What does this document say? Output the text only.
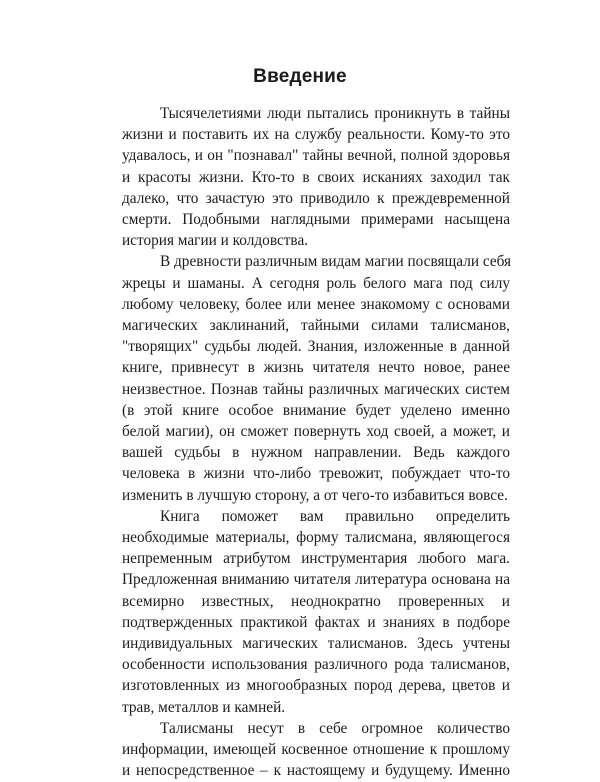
Введение
Тысячелетиями люди пытались проникнуть в тайны
жизни и поставить их на службу реальности. Кому-то это
удавалось, и он "познавал" тайны вечной, полной здоровья
и красоты жизни. Кто-то в своих исканиях заходил так
далеко, что зачастую это приводило к преждевременной
смерти. Подобными наглядными примерами насыщена
история магии и колдовства.
В древности различным видам магии посвящали себя
жрецы и шаманы. А сегодня роль белого мага под силу
любому человеку, более или менее знакомому с основами
магических заклинаний, тайными силами талисманов,
"творящих" судьбы людей. Знания, изложенные в данной
книге, привнесут в жизнь читателя нечто новое, ранее
неизвестное. Познав тайны различных магических систем
(в этой книге особое внимание будет уделено именно
белой магии), он сможет повернуть ход своей, а может, и
вашей судьбы в нужном направлении. Ведь каждого
человека в жизни что-либо тревожит, побуждает что-то
изменить в лучшую сторону, а от чего-то избавиться вовсе.
Книга поможет вам правильно определить
необходимые материалы, форму талисмана, являющегося
непременным атрибутом инструментария любого мага.
Предложенная вниманию читателя литература основана на
всемирно известных, неоднократно проверенных и
подтвержденных практикой фактах и знаниях в подборе
индивидуальных магических талисманов. Здесь учтены
особенности использования различного рода талисманов,
изготовленных из многообразных пород дерева, цветов и
трав, металлов и камней.
Талисманы несут в себе огромное количество
информации, имеющей косвенное отношение к прошлому
и непосредственное – к настоящему и будущему. Именно
